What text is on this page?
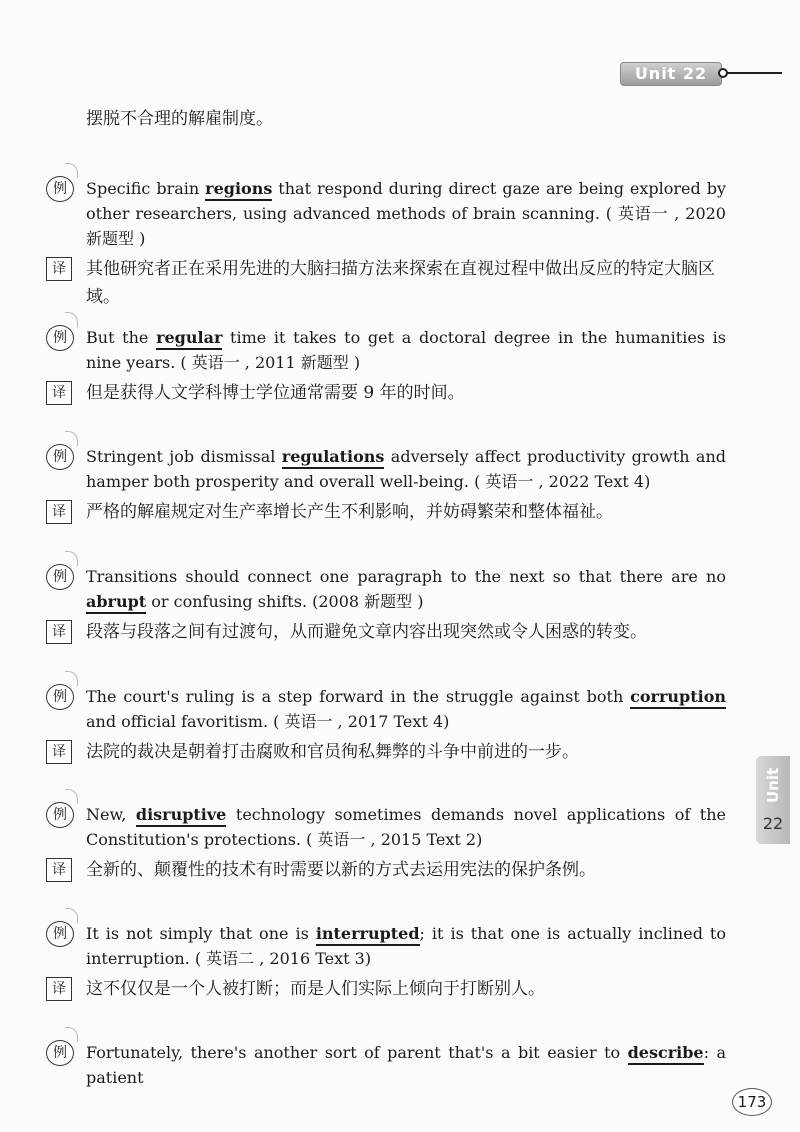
Unit 22
Unit
22
摆脱不合理的解雇制度。
例	Specific brain regions that respond during direct gaze are being explored by other researchers, using advanced methods of brain scanning. ( 英语一 , 2020 新题型 )
译	其他研究者正在采用先进的大脑扫描方法来探索在直视过程中做出反应的特定大脑区域。
例	But the regular time it takes to get a doctoral degree in the humanities is nine years. ( 英语一 , 2011 新题型 )
译	但是获得人文学科博士学位通常需要 9 年的时间。
例	Stringent job dismissal regulations adversely affect productivity growth and hamper both prosperity and overall well-being. ( 英语一 , 2022 Text 4)
译	严格的解雇规定对生产率增长产生不利影响，并妨碍繁荣和整体福祉。
例	Transitions should connect one paragraph to the next so that there are no abrupt or confusing shifts. (2008 新题型 )
译	段落与段落之间有过渡句，从而避免文章内容出现突然或令人困惑的转变。
例	The court's ruling is a step forward in the struggle against both corruption and official favoritism. ( 英语一 , 2017 Text 4)
译	法院的裁决是朝着打击腐败和官员徇私舞弊的斗争中前进的一步。
例	New, disruptive technology sometimes demands novel applications of the Constitution's protections. ( 英语一 , 2015 Text 2)
译	全新的、颠覆性的技术有时需要以新的方式去运用宪法的保护条例。
例	It is not simply that one is interrupted; it is that one is actually inclined to interruption. ( 英语二 , 2016 Text 3)
译	这不仅仅是一个人被打断；而是人们实际上倾向于打断别人。
例	Fortunately, there's another sort of parent that's a bit easier to describe: a patient
173
